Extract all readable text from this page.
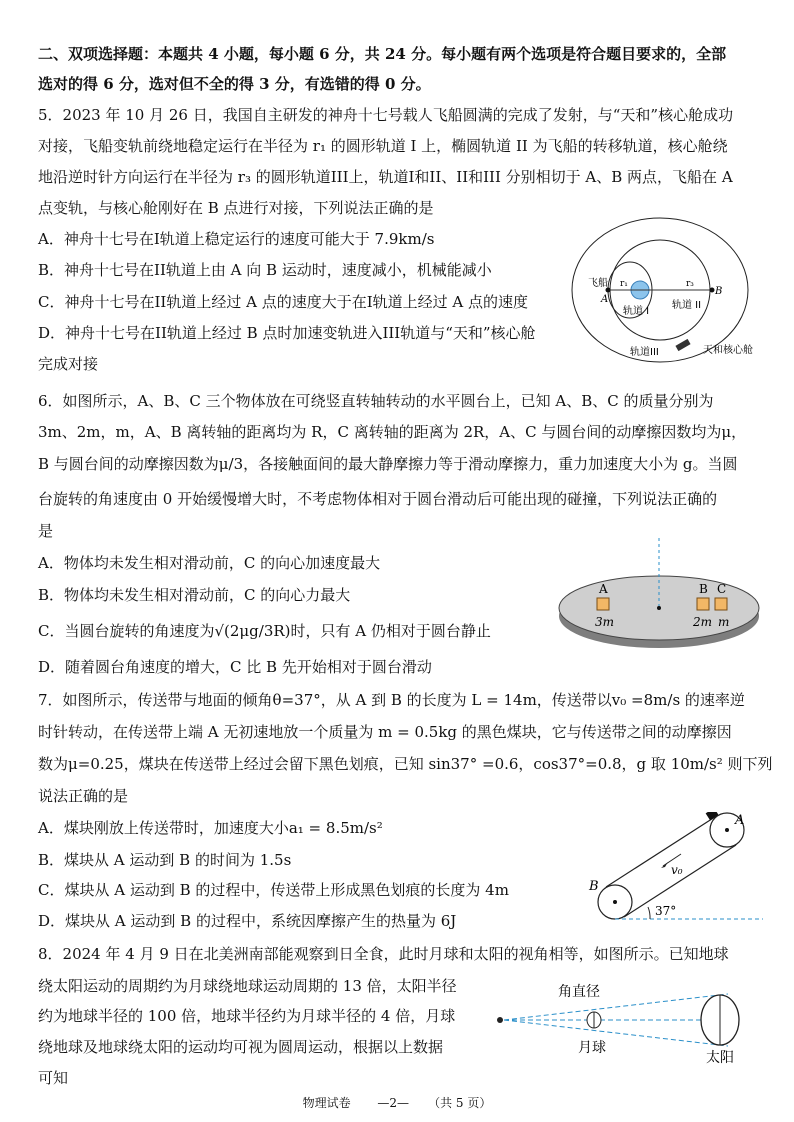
二、双项选择题：本题共 4 小题，每小题 6 分，共 24 分。每小题有两个选项是符合题目要求的，全部
选对的得 6 分，选对但不全的得 3 分，有选错的得 0 分。
5．2023 年 10 月 26 日，我国自主研发的神舟十七号载人飞船圆满的完成了发射，与“天和”核心舱成功
对接，飞船变轨前绕地稳定运行在半径为 r₁ 的圆形轨道 I 上，椭圆轨道 II 为飞船的转移轨道，核心舱绕
地沿逆时针方向运行在半径为 r₃ 的圆形轨道III上，轨道I和II、II和III 分别相切于 A、B 两点，飞船在 A
点变轨，与核心舱刚好在 B 点进行对接，下列说法正确的是
A．神舟十七号在I轨道上稳定运行的速度可能大于 7.9km/s
B．神舟十七号在II轨道上由 A 向 B 运动时，速度减小，机械能减小
C．神舟十七号在II轨道上经过 A 点的速度大于在I轨道上经过 A 点的速度
D．神舟十七号在II轨道上经过 B 点时加速变轨进入III轨道与“天和”核心舱
完成对接
飞船
A
B
r₁	r₃
轨道 I
轨道 II
轨道III	天和核心舱
6．如图所示，A、B、C 三个物体放在可绕竖直转轴转动的水平圆台上，已知 A、B、C 的质量分别为
3m、2m，m，A、B 离转轴的距离均为 R，C 离转轴的距离为 2R，A、C 与圆台间的动摩擦因数均为μ，
B 与圆台间的动摩擦因数为μ/3，各接触面间的最大静摩擦力等于滑动摩擦力，重力加速度大小为 g。当圆
台旋转的角速度由 0 开始缓慢增大时，不考虑物体相对于圆台滑动后可能出现的碰撞，下列说法正确的
是
A．物体均未发生相对滑动前，C 的向心加速度最大
B．物体均未发生相对滑动前，C 的向心力最大
C．当圆台旋转的角速度为√(2μg/3R)时，只有 A 仍相对于圆台静止
D．随着圆台角速度的增大，C 比 B 先开始相对于圆台滑动
A	B C
3m	2m m
7．如图所示，传送带与地面的倾角θ=37°，从 A 到 B 的长度为 L = 14m，传送带以v₀ =8m/s 的速率逆
时针转动，在传送带上端 A 无初速地放一个质量为 m = 0.5kg 的黑色煤块，它与传送带之间的动摩擦因
数为μ=0.25，煤块在传送带上经过会留下黑色划痕，已知 sin37° =0.6，cos37°=0.8，g 取 10m/s² 则下列
说法正确的是
A．煤块刚放上传送带时，加速度大小a₁ = 8.5m/s²
B．煤块从 A 运动到 B 的时间为 1.5s
C．煤块从 A 运动到 B 的过程中，传送带上形成黑色划痕的长度为 4m
D．煤块从 A 运动到 B 的过程中，系统因摩擦产生的热量为 6J
A
B
v₀
37°
8．2024 年 4 月 9 日在北美洲南部能观察到日全食，此时月球和太阳的视角相等，如图所示。已知地球
绕太阳运动的周期约为月球绕地球运动周期的 13 倍，太阳半径
约为地球半径的 100 倍，地球半径约为月球半径的 4 倍，月球
绕地球及地球绕太阳的运动均可视为圆周运动，根据以上数据
可知
角直径
月球
太阳
物理试卷 —2— （共 5 页）
